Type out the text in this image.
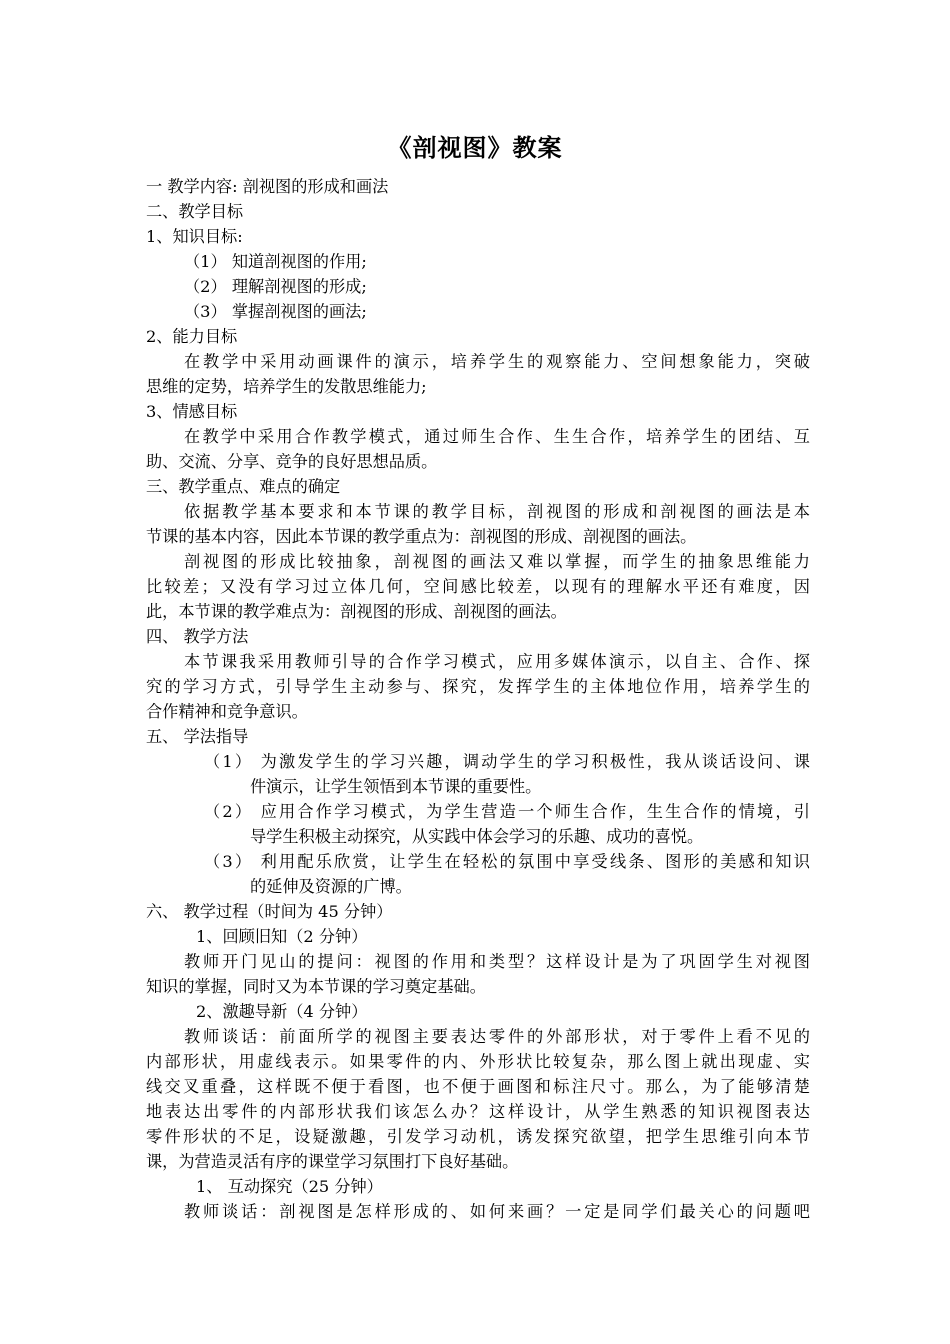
《剖视图》教案
一 教学内容: 剖视图的形成和画法
二、教学目标
1、知识目标:
（1） 知道剖视图的作用;
（2） 理解剖视图的形成;
（3） 掌握剖视图的画法;
2、能力目标
在教学中采用动画课件的演示，培养学生的观察能力、空间想象能力，突破
思维的定势，培养学生的发散思维能力;
3、情感目标
在教学中采用合作教学模式，通过师生合作、生生合作，培养学生的团结、互
助、交流、分享、竞争的良好思想品质。
三、教学重点、难点的确定
依据教学基本要求和本节课的教学目标，剖视图的形成和剖视图的画法是本
节课的基本内容，因此本节课的教学重点为：剖视图的形成、剖视图的画法。
剖视图的形成比较抽象，剖视图的画法又难以掌握，而学生的抽象思维能力
比较差；又没有学习过立体几何，空间感比较差，以现有的理解水平还有难度，因
此，本节课的教学难点为：剖视图的形成、剖视图的画法。
四、 教学方法
本节课我采用教师引导的合作学习模式，应用多媒体演示，以自主、合作、探
究的学习方式，引导学生主动参与、探究，发挥学生的主体地位作用，培养学生的
合作精神和竞争意识。
五、 学法指导
（1） 为激发学生的学习兴趣，调动学生的学习积极性，我从谈话设问、课
件演示，让学生领悟到本节课的重要性。
（2） 应用合作学习模式，为学生营造一个师生合作，生生合作的情境，引
导学生积极主动探究，从实践中体会学习的乐趣、成功的喜悦。
（3） 利用配乐欣赏，让学生在轻松的氛围中享受线条、图形的美感和知识
的延伸及资源的广博。
六、 教学过程（时间为 45 分钟）
1、回顾旧知（2 分钟）
教师开门见山的提问：视图的作用和类型？这样设计是为了巩固学生对视图
知识的掌握，同时又为本节课的学习奠定基础。
2、激趣导新（4 分钟）
教师谈话：前面所学的视图主要表达零件的外部形状，对于零件上看不见的
内部形状，用虚线表示。如果零件的内、外形状比较复杂，那么图上就出现虚、实
线交叉重叠，这样既不便于看图，也不便于画图和标注尺寸。那么，为了能够清楚
地表达出零件的内部形状我们该怎么办？这样设计，从学生熟悉的知识视图表达
零件形状的不足，设疑激趣，引发学习动机，诱发探究欲望，把学生思维引向本节
课，为营造灵活有序的课堂学习氛围打下良好基础。
1、 互动探究（25 分钟）
教师谈话：剖视图是怎样形成的、如何来画？一定是同学们最关心的问题吧
